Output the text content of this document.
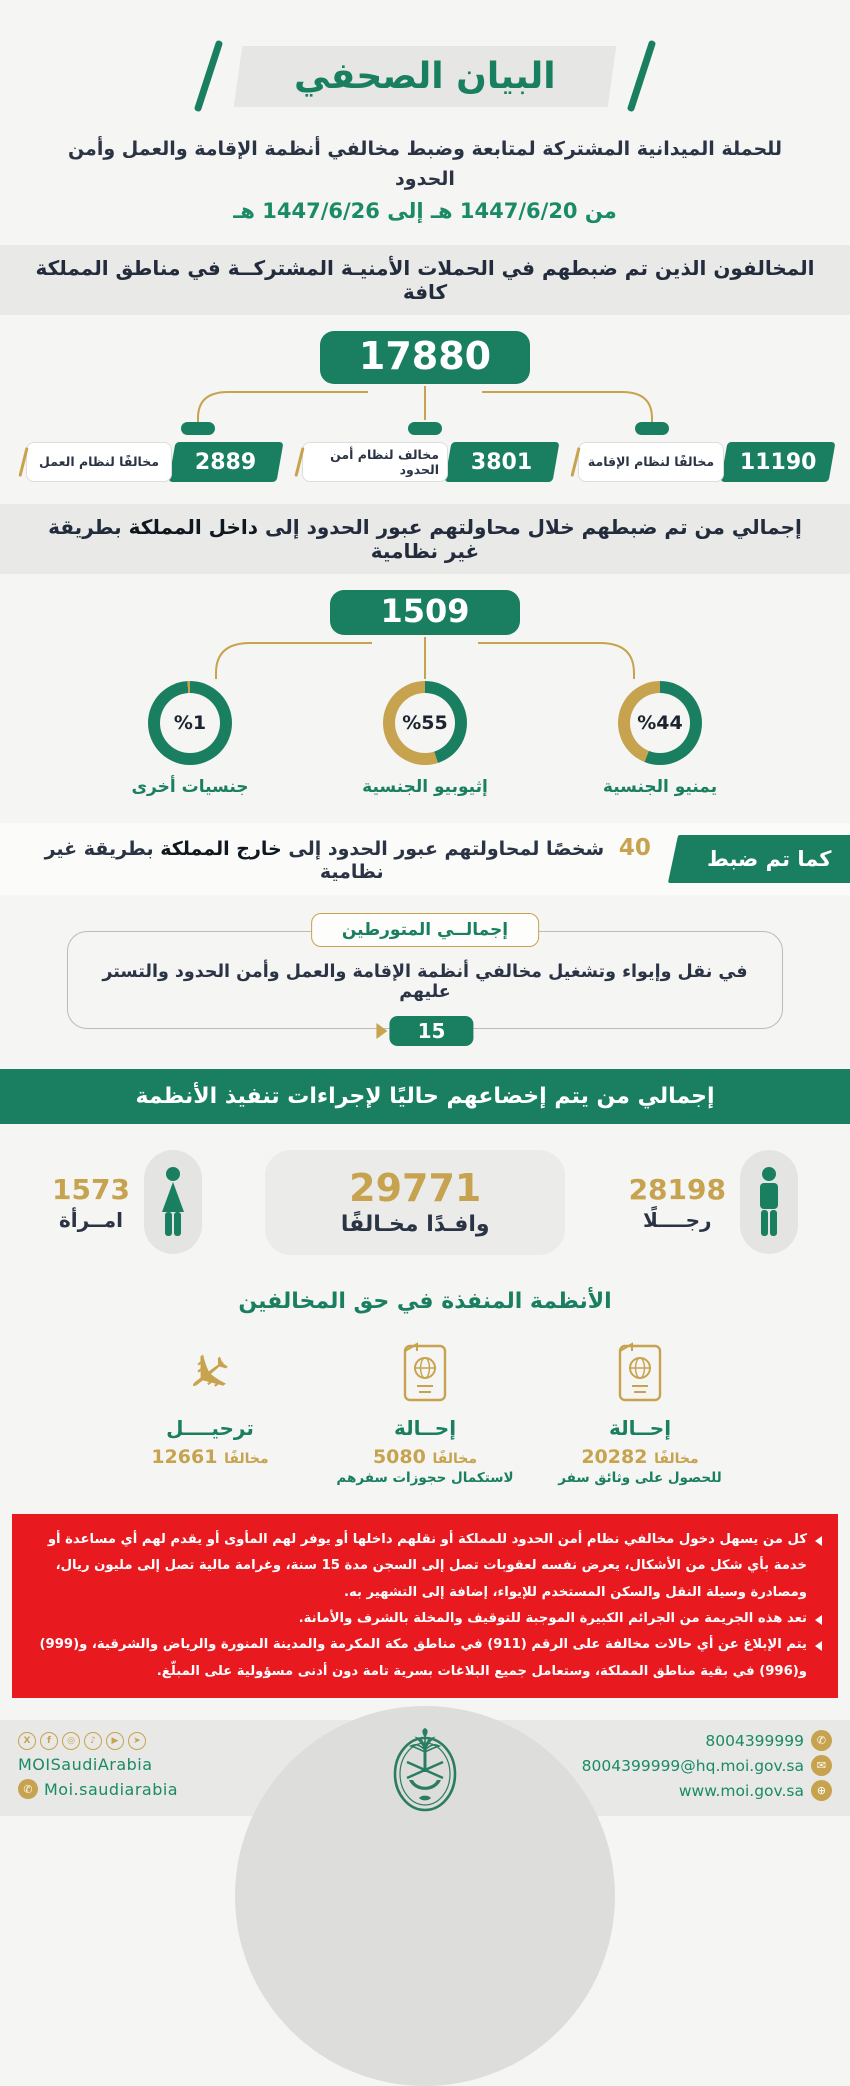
البيان الصحفي
للحملة الميدانية المشتركة لمتابعة وضبط مخالفي أنظمة الإقامة والعمل وأمن الحدود
من 1447/6/20 هـ إلى 1447/6/26 هـ
المخالفون الذين تم ضبطهم في الحملات الأمنيـة المشتركــة في مناطق المملكة كافة
17880
11190
مخالفًا لنظام الإقامة
3801
مخالف لنظام أمن الحدود
2889
مخالفًا لنظام العمل
إجمالي من تم ضبطهم خلال محاولتهم عبور الحدود إلى داخل المملكة بطريقة غير نظامية
1509
%44
يمنيو الجنسية
%55
إثيوبيو الجنسية
%1
جنسيات أخرى
كما تم ضبط
40 شخصًا لمحاولتهم عبور الحدود إلى خارج المملكة بطريقة غير نظامية
إجمالــي المتورطين
في نقل وإيواء وتشغيل مخالفي أنظمة الإقامة والعمل وأمن الحدود والتستر عليهم
15
إجمالي من يتم إخضاعهم حاليًا لإجراءات تنفيذ الأنظمة
28198
رجــــلًا
29771
وافـدًا مخـالفًا
1573
امــرأة
الأنظمة المنفذة في حق المخالفين
إحــالة
20282 مخالفًا
للحصول على وثائق سفر
إحــالة
5080 مخالفًا
لاستكمال حجوزات سفرهم
✈
ترحيــــل
12661 مخالفًا
كل من يسهل دخول مخالفي نظام أمن الحدود للمملكة أو نقلهم داخلها أو يوفر لهم المأوى أو يقدم لهم أي مساعدة أو خدمة بأي شكل من الأشكال، يعرض نفسه لعقوبات تصل إلى السجن مدة 15 سنة، وغرامة مالية تصل إلى مليون ريال، ومصادرة وسيلة النقل والسكن المستخدم للإيواء، إضافة إلى التشهير به.
تعد هذه الجريمة من الجرائم الكبيرة الموجبة للتوقيف والمخلة بالشرف والأمانة.
يتم الإبلاغ عن أي حالات مخالفة على الرقم (911) في مناطق مكة المكرمة والمدينة المنورة والرياض والشرقية، و(999) و(996) في بقية مناطق المملكة، وستعامل جميع البلاغات بسرية تامة دون أدنى مسؤولية على المبلّغ.
X	f	◎	♪	▶	➤
MOISaudiArabia
✆ Moi.saudiarabia
8004399999	✆
8004399999@hq.moi.gov.sa	✉
www.moi.gov.sa	⊕
